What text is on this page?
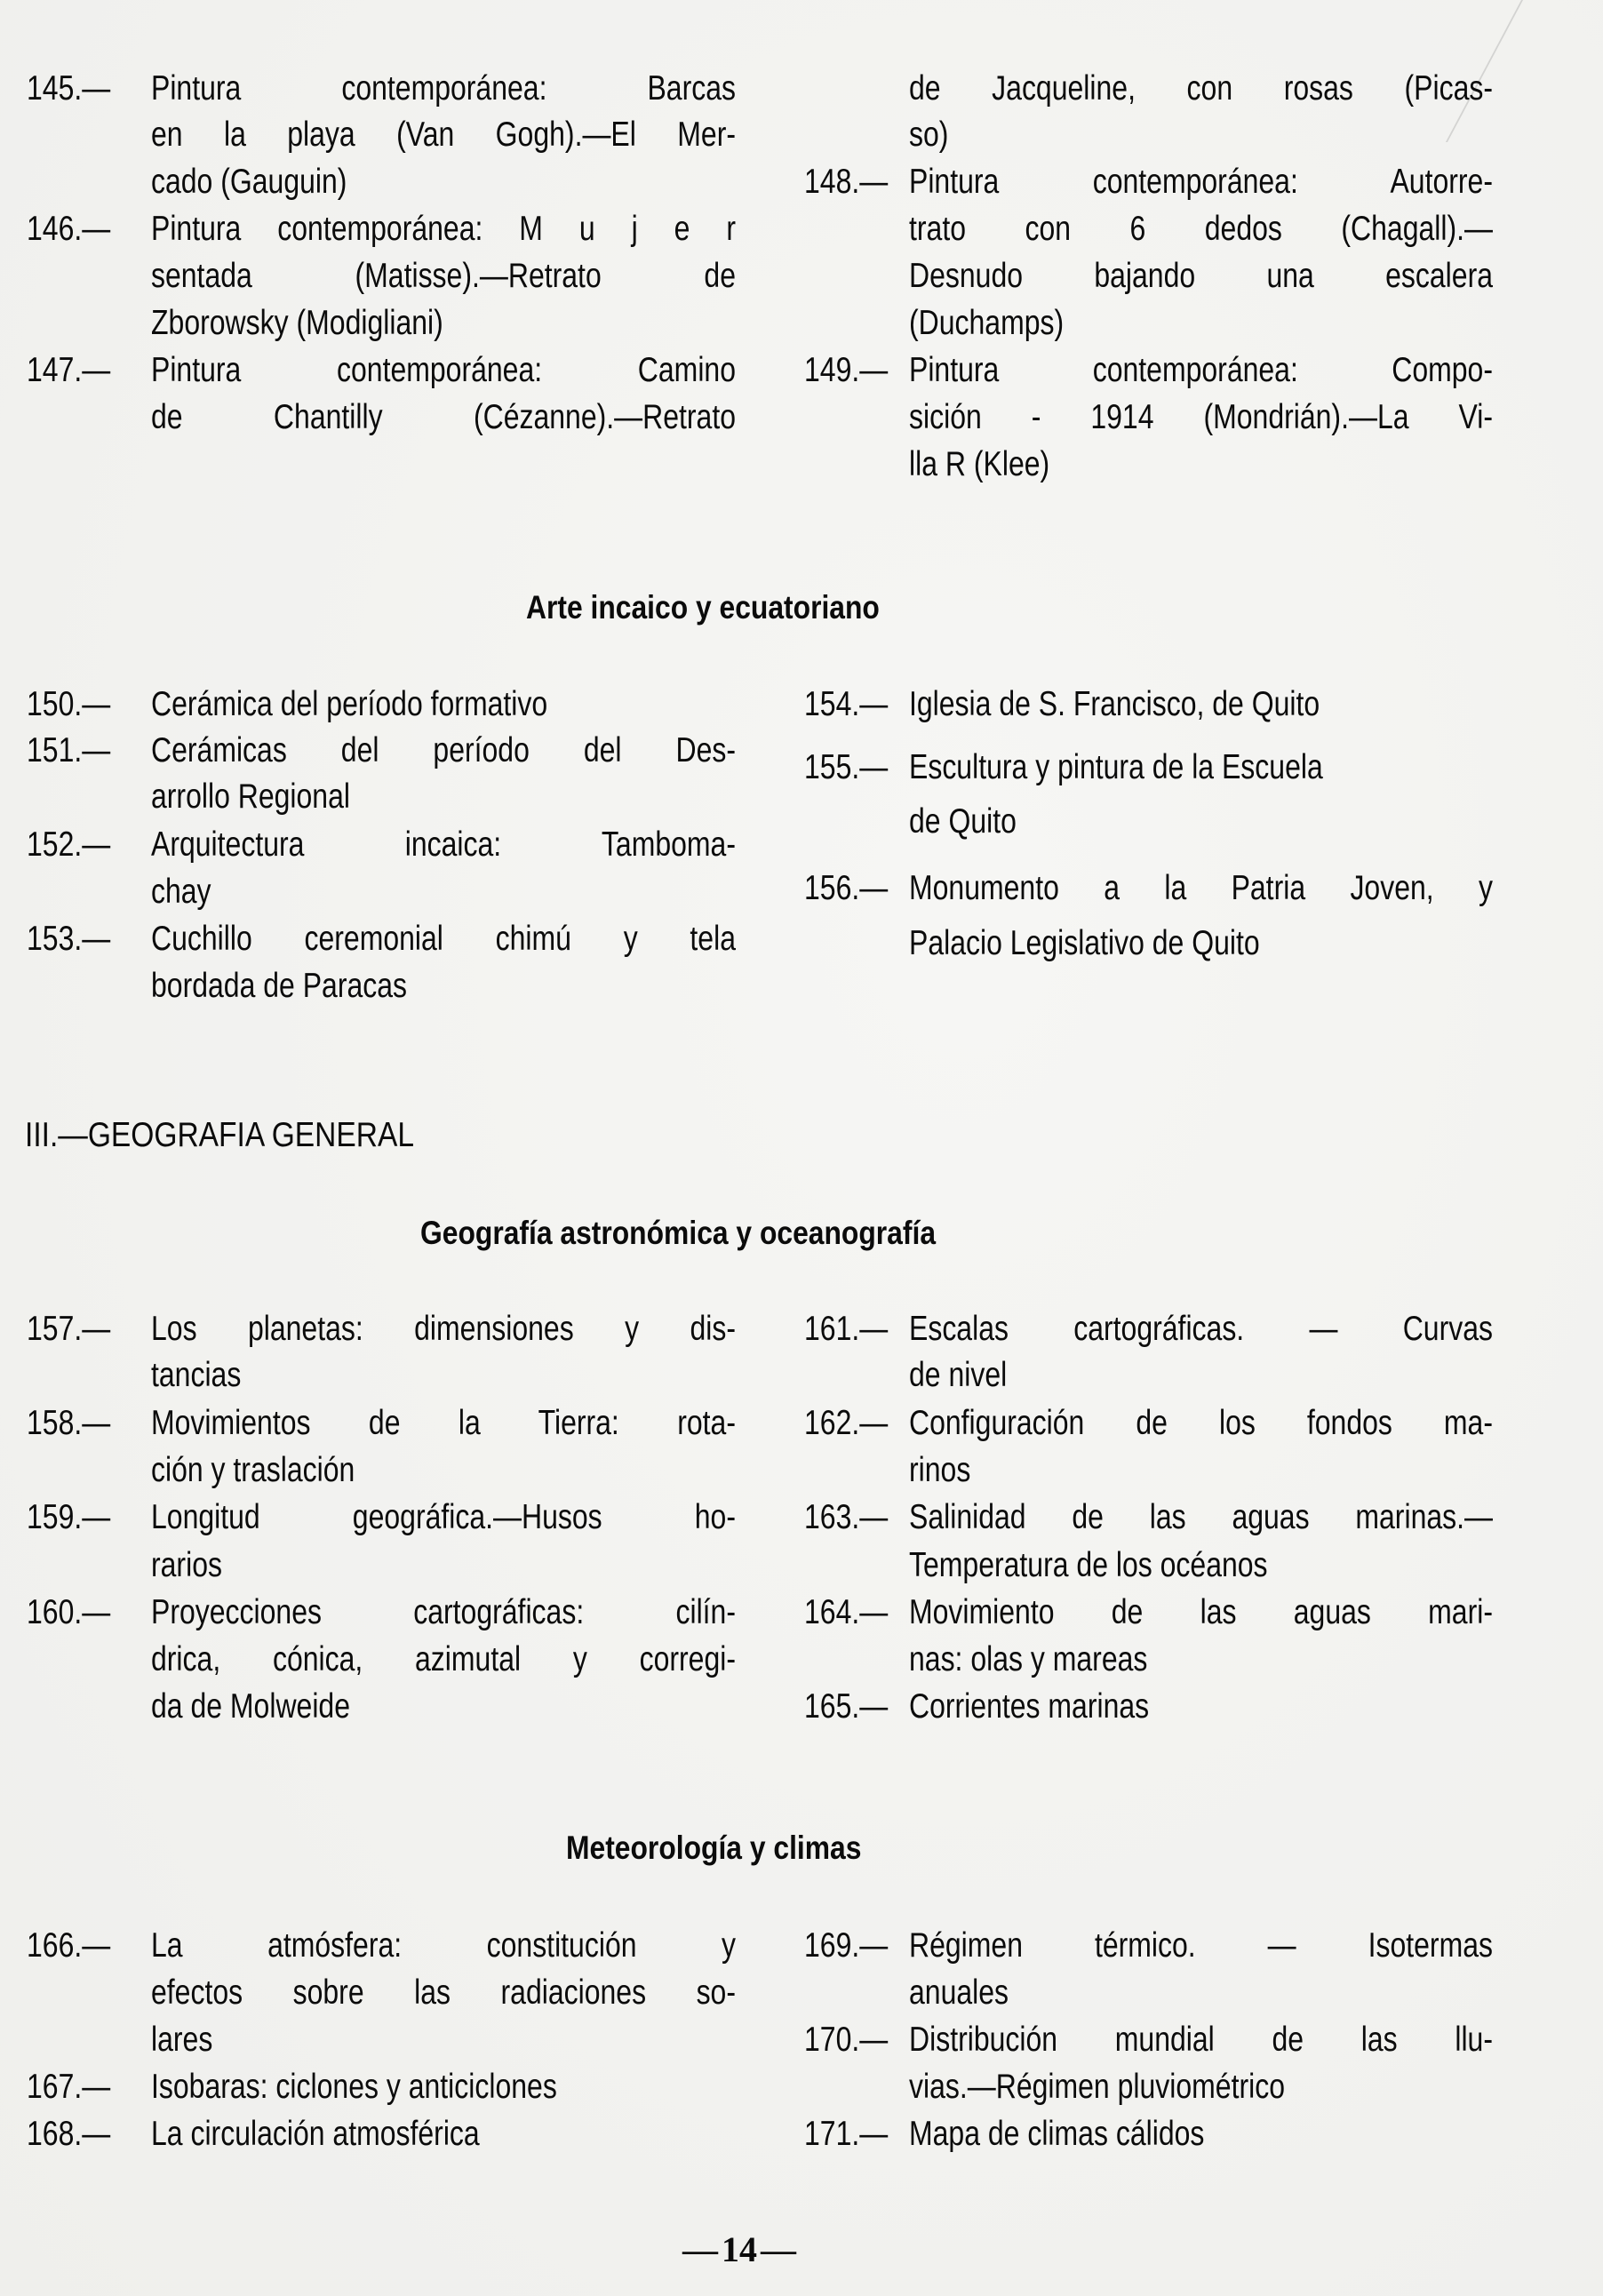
145.— Pintura contemporánea: Barcas
en la playa (Van Gogh).—El Mer-
cado (Gauguin)
146.— Pintura contemporánea: M u j e r
sentada (Matisse).—Retrato de
Zborowsky (Modigliani)
147.— Pintura contemporánea: Camino
de Chantilly (Cézanne).—Retrato
de Jacqueline, con rosas (Picas-
so)
148.— Pintura contemporánea: Autorre-
trato con 6 dedos (Chagall).—
Desnudo bajando una escalera
(Duchamps)
149.— Pintura contemporánea: Compo-
sición - 1914 (Mondrián).—La Vi-
lla R (Klee)
Arte incaico y ecuatoriano
150.— Cerámica del período formativo
151.— Cerámicas del período del Des-
arrollo Regional
152.— Arquitectura incaica: Tamboma-
chay
153.— Cuchillo ceremonial chimú y tela
bordada de Paracas
154.— Iglesia de S. Francisco, de Quito
155.— Escultura y pintura de la Escuela
de Quito
156.— Monumento a la Patria Joven, y
Palacio Legislativo de Quito
III.—GEOGRAFIA GENERAL
Geografía astronómica y oceanografía
157.— Los planetas: dimensiones y dis-
tancias
158.— Movimientos de la Tierra: rota-
ción y traslación
159.— Longitud geográfica.—Husos ho-
rarios
160.— Proyecciones cartográficas: cilín-
drica, cónica, azimutal y corregi-
da de Molweide
161.— Escalas cartográficas. — Curvas
de nivel
162.— Configuración de los fondos ma-
rinos
163.— Salinidad de las aguas marinas.—
Temperatura de los océanos
164.— Movimiento de las aguas mari-
nas: olas y mareas
165.— Corrientes marinas
Meteorología y climas
166.— La atmósfera: constitución y
efectos sobre las radiaciones so-
lares
167.— Isobaras: ciclones y anticiclones
168.— La circulación atmosférica
169.— Régimen térmico. — Isotermas
anuales
170.— Distribución mundial de las llu-
vias.—Régimen pluviométrico
171.— Mapa de climas cálidos
— 14 —
